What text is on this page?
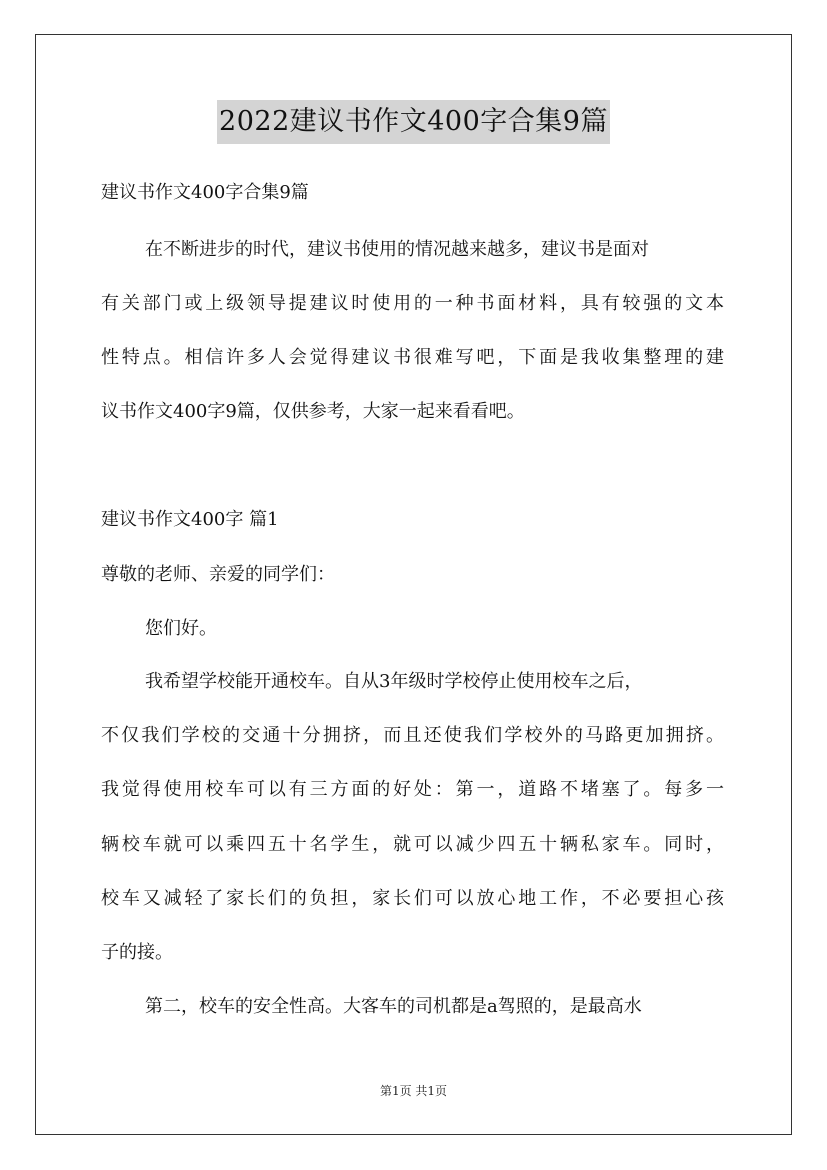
2022建议书作文400字合集9篇
建议书作文400字合集9篇
在不断进步的时代，建议书使用的情况越来越多，建议书是面对
有关部门或上级领导提建议时使用的一种书面材料，具有较强的文本
性特点。相信许多人会觉得建议书很难写吧，下面是我收集整理的建
议书作文400字9篇，仅供参考，大家一起来看看吧。
建议书作文400字 篇1
尊敬的老师、亲爱的同学们：
您们好。
我希望学校能开通校车。自从3年级时学校停止使用校车之后，
不仅我们学校的交通十分拥挤，而且还使我们学校外的马路更加拥挤。
我觉得使用校车可以有三方面的好处：第一，道路不堵塞了。每多一
辆校车就可以乘四五十名学生，就可以减少四五十辆私家车。同时，
校车又减轻了家长们的负担，家长们可以放心地工作，不必要担心孩
子的接。
第二，校车的安全性高。大客车的司机都是a驾照的，是最高水
第1页 共1页
